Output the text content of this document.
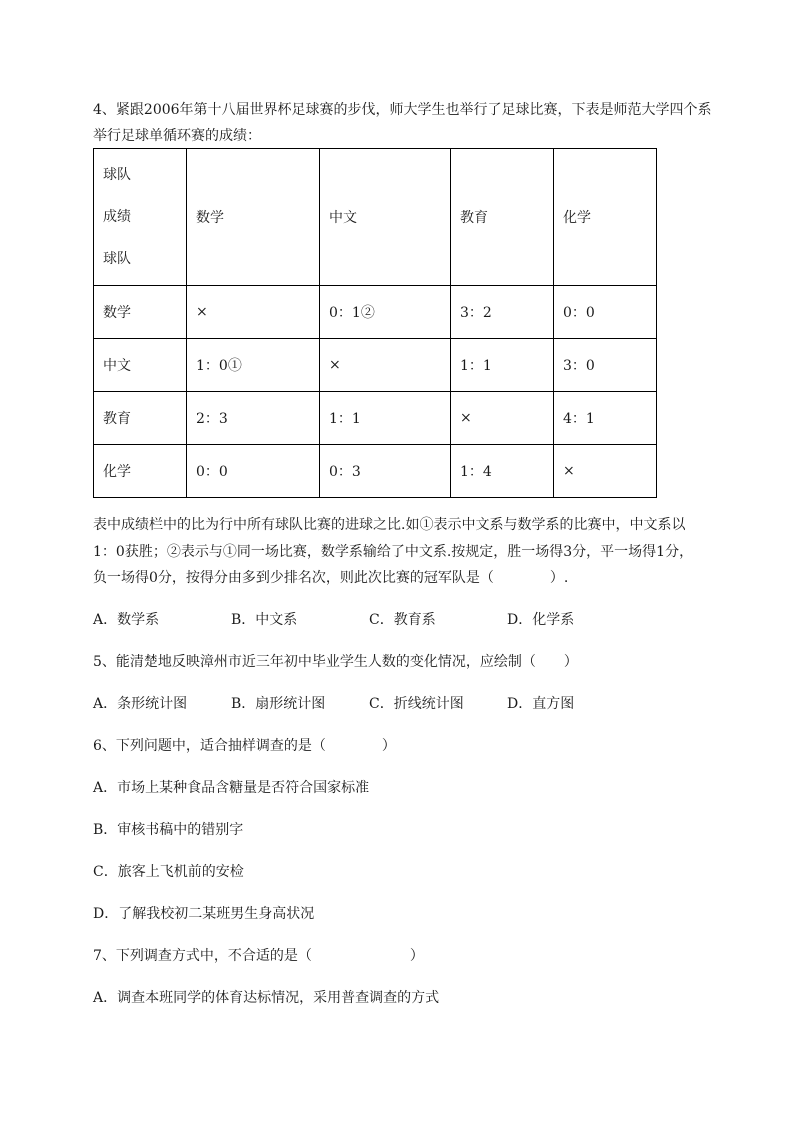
4、紧跟2006年第十八届世界杯足球赛的步伐，师大学生也举行了足球比赛，下表是师范大学四个系
举行足球单循环赛的成绩：
球队
成绩
球队	数学	中文	教育	化学
数学	×	0：1②	3：2	0：0
中文	1：0①	×	1：1	3：0
教育	2：3	1：1	×	4：1
化学	0：0	0：3	1：4	×
表中成绩栏中的比为行中所有球队比赛的进球之比.如①表示中文系与数学系的比赛中，中文系以
1：0获胜；②表示与①同一场比赛，数学系输给了中文系.按规定，胜一场得3分，平一场得1分，
负一场得0分，按得分由多到少排名次，则此次比赛的冠军队是（　　　　）.
A．数学系	B．中文系	C．教育系	D．化学系
5、能清楚地反映漳州市近三年初中毕业学生人数的变化情况，应绘制（　　）
A．条形统计图	B．扇形统计图	C．折线统计图	D．直方图
6、下列问题中，适合抽样调查的是（　　　　）
A．市场上某种食品含糖量是否符合国家标准
B．审核书稿中的错别字
C．旅客上飞机前的安检
D．了解我校初二某班男生身高状况
7、下列调查方式中，不合适的是（　　　　　　　）
A．调查本班同学的体育达标情况，采用普查调查的方式
